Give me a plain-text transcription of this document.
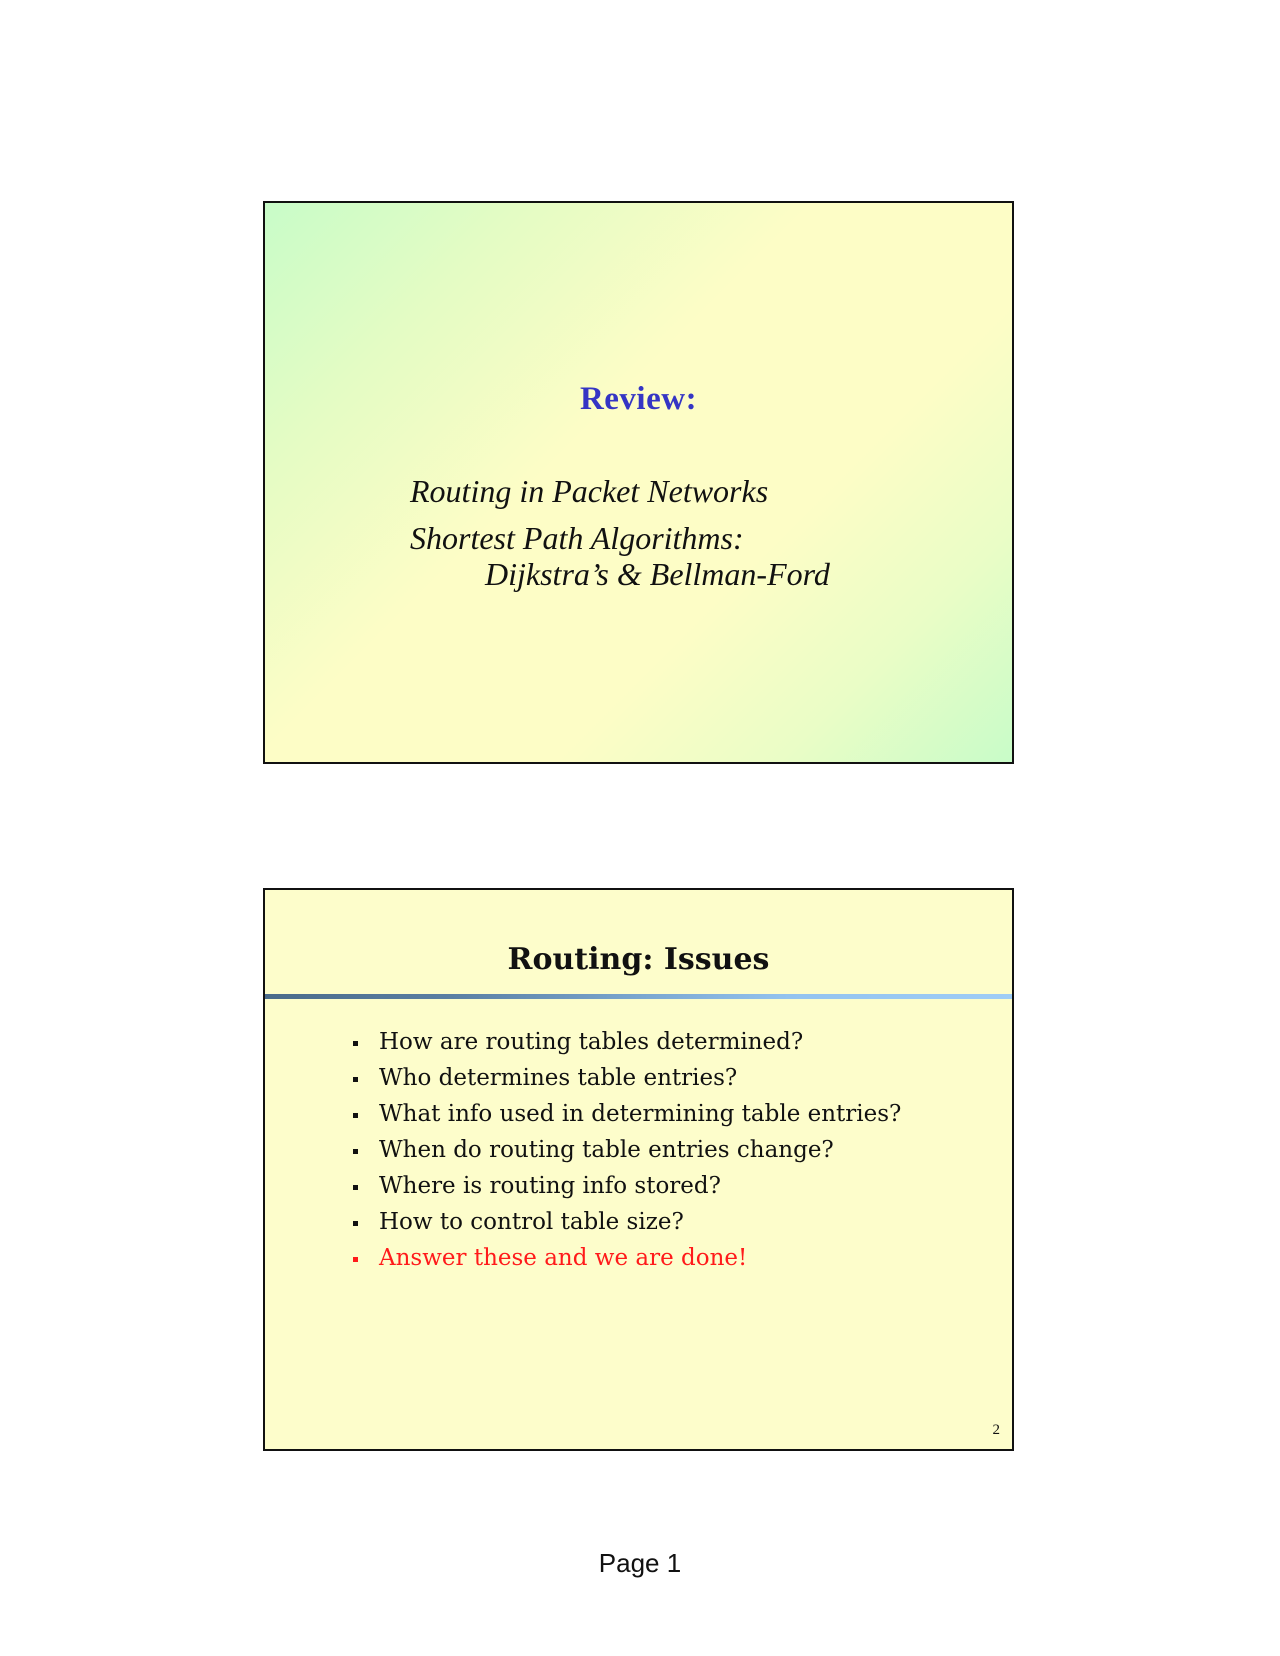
Review:
Routing in Packet Networks
Shortest Path Algorithms:
Dijkstra’s & Bellman-Ford
Routing: Issues
How are routing tables determined?
Who determines table entries?
What info used in determining table entries?
When do routing table entries change?
Where is routing info stored?
How to control table size?
Answer these and we are done!
2
Page 1
